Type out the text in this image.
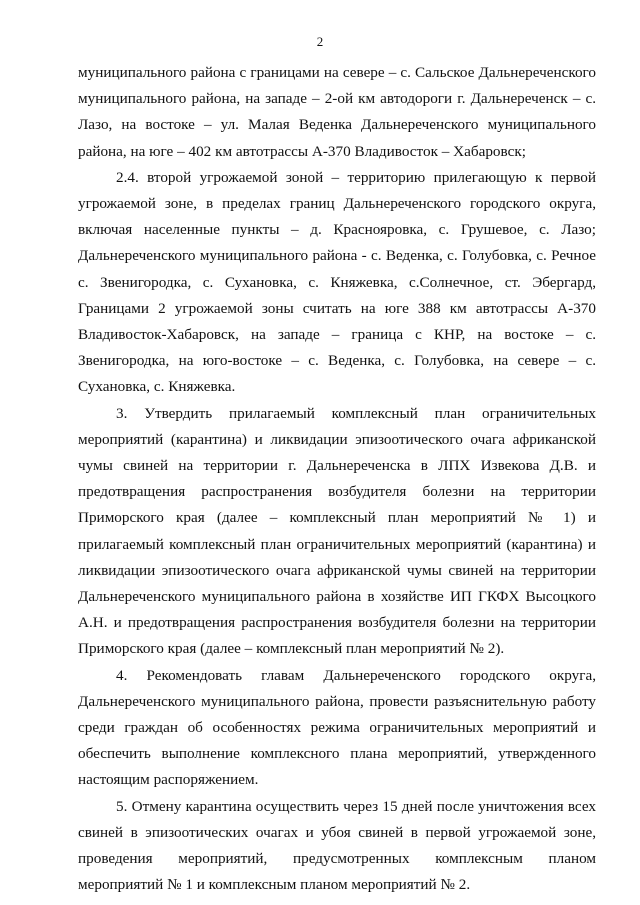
2

муниципального района с границами на севере – с. Сальское Дальнереченского муниципального района, на западе – 2-ой км автодороги г. Дальнереченск – с. Лазо, на востоке – ул. Малая Веденка Дальнереченского муниципального района, на юге – 402 км автотрассы А-370 Владивосток – Хабаровск;

2.4. второй угрожаемой зоной – территорию прилегающую к первой угрожаемой зоне, в пределах границ Дальнереченского городского округа, включая населенные пункты – д. Краснояровка, с. Грушевое, с. Лазо; Дальнереченского муниципального района - с. Веденка, с. Голубовка, с. Речное с. Звенигородка, с. Сухановка, с. Княжевка, с.Солнечное, ст. Эбергард, Границами 2 угрожаемой зоны считать на юге 388 км автотрассы А-370 Владивосток-Хабаровск, на западе – граница с КНР, на востоке – с. Звенигородка, на юго-востоке – с. Веденка, с. Голубовка, на севере – с. Сухановка, с. Княжевка.

3. Утвердить прилагаемый комплексный план ограничительных мероприятий (карантина) и ликвидации эпизоотического очага африканской чумы свиней на территории г. Дальнереченска в ЛПХ Извекова Д.В. и предотвращения распространения возбудителя болезни на территории Приморского края (далее – комплексный план мероприятий № 1) и прилагаемый комплексный план ограничительных мероприятий (карантина) и ликвидации эпизоотического очага африканской чумы свиней на территории Дальнереченского муниципального района в хозяйстве ИП ГКФХ Высоцкого А.Н. и предотвращения распространения возбудителя болезни на территории Приморского края (далее – комплексный план мероприятий № 2).

4. Рекомендовать главам Дальнереченского городского округа, Дальнереченского муниципального района, провести разъяснительную работу среди граждан об особенностях режима ограничительных мероприятий и обеспечить выполнение комплексного плана мероприятий, утвержденного настоящим распоряжением.

5. Отмену карантина осуществить через 15 дней после уничтожения всех свиней в эпизоотических очагах и убоя свиней в первой угрожаемой зоне, проведения мероприятий, предусмотренных комплексным планом мероприятий № 1 и комплексным планом мероприятий № 2.
